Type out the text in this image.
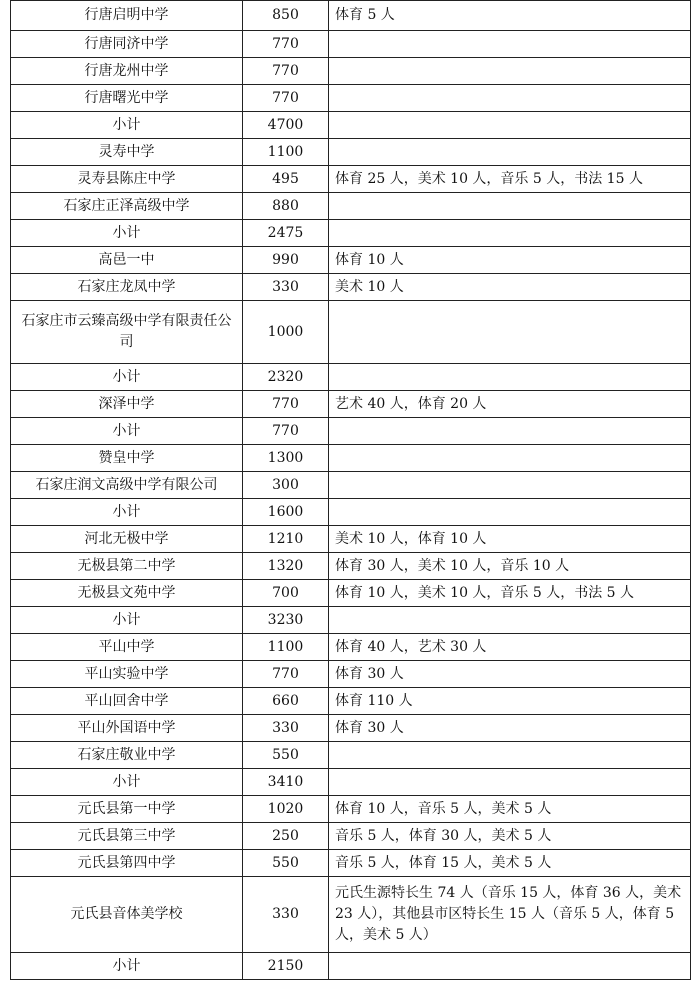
行唐启明中学	850	体育 5 人
行唐同济中学	770	
行唐龙州中学	770	
行唐曙光中学	770	
小计	4700	
灵寿中学	1100	
灵寿县陈庄中学	495	体育 25 人，美术 10 人，音乐 5 人，书法 15 人
石家庄正泽高级中学	880	
小计	2475	
高邑一中	990	体育 10 人
石家庄龙凤中学	330	美术 10 人
石家庄市云臻高级中学有限责任公司	1000	
小计	2320	
深泽中学	770	艺术 40 人，体育 20 人
小计	770	
赞皇中学	1300	
石家庄润文高级中学有限公司	300	
小计	1600	
河北无极中学	1210	美术 10 人，体育 10 人
无极县第二中学	1320	体育 30 人，美术 10 人，音乐 10 人
无极县文苑中学	700	体育 10 人，美术 10 人，音乐 5 人，书法 5 人
小计	3230	
平山中学	1100	体育 40 人，艺术 30 人
平山实验中学	770	体育 30 人
平山回舍中学	660	体育 110 人
平山外国语中学	330	体育 30 人
石家庄敬业中学	550	
小计	3410	
元氏县第一中学	1020	体育 10 人，音乐 5 人，美术 5 人
元氏县第三中学	250	音乐 5 人，体育 30 人，美术 5 人
元氏县第四中学	550	音乐 5 人，体育 15 人，美术 5 人
元氏县音体美学校	330	元氏生源特长生 74 人（音乐 15 人，体育 36 人，美术 23 人），其他县市区特长生 15 人（音乐 5 人，体育 5 人，美术 5 人）
小计	2150	
